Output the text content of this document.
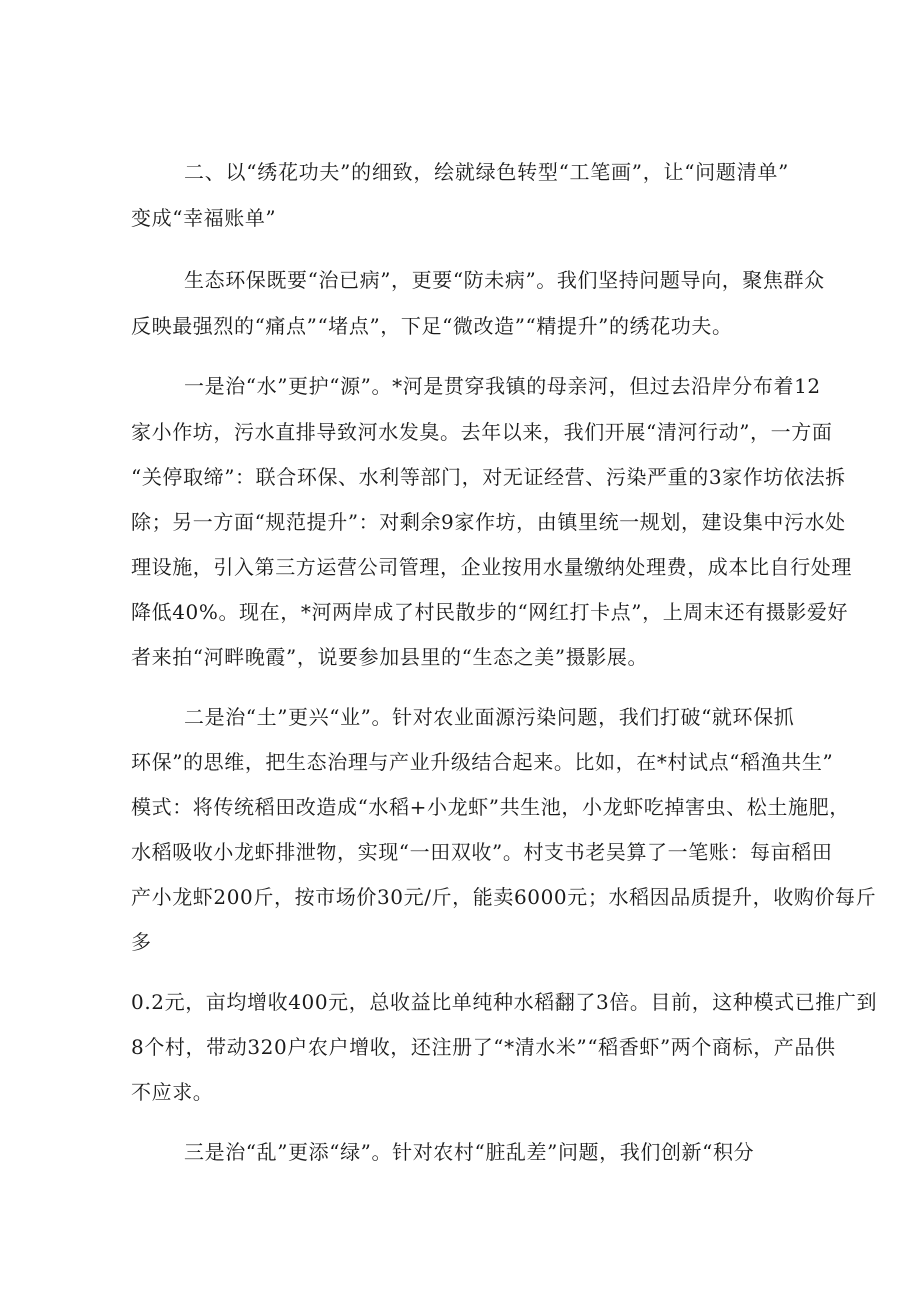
二、以“绣花功夫”的细致，绘就绿色转型“工笔画”，让“问题清单”
变成“幸福账单”
生态环保既要“治已病”，更要“防未病”。我们坚持问题导向，聚焦群众
反映最强烈的“痛点”“堵点”，下足“微改造”“精提升”的绣花功夫。
一是治“水”更护“源”。*河是贯穿我镇的母亲河，但过去沿岸分布着12
家小作坊，污水直排导致河水发臭。去年以来，我们开展“清河行动”，一方面
“关停取缔”：联合环保、水利等部门，对无证经营、污染严重的3家作坊依法拆
除；另一方面“规范提升”：对剩余9家作坊，由镇里统一规划，建设集中污水处
理设施，引入第三方运营公司管理，企业按用水量缴纳处理费，成本比自行处理
降低40%。现在，*河两岸成了村民散步的“网红打卡点”，上周末还有摄影爱好
者来拍“河畔晚霞”，说要参加县里的“生态之美”摄影展。
二是治“土”更兴“业”。针对农业面源污染问题，我们打破“就环保抓
环保”的思维，把生态治理与产业升级结合起来。比如，在*村试点“稻渔共生”
模式：将传统稻田改造成“水稻+小龙虾”共生池，小龙虾吃掉害虫、松土施肥，
水稻吸收小龙虾排泄物，实现“一田双收”。村支书老吴算了一笔账：每亩稻田
产小龙虾200斤，按市场价30元/斤，能卖6000元；水稻因品质提升，收购价每斤
多
0.2元，亩均增收400元，总收益比单纯种水稻翻了3倍。目前，这种模式已推广到
8个村，带动320户农户增收，还注册了“*清水米”“稻香虾”两个商标，产品供
不应求。
三是治“乱”更添“绿”。针对农村“脏乱差”问题，我们创新“积分
